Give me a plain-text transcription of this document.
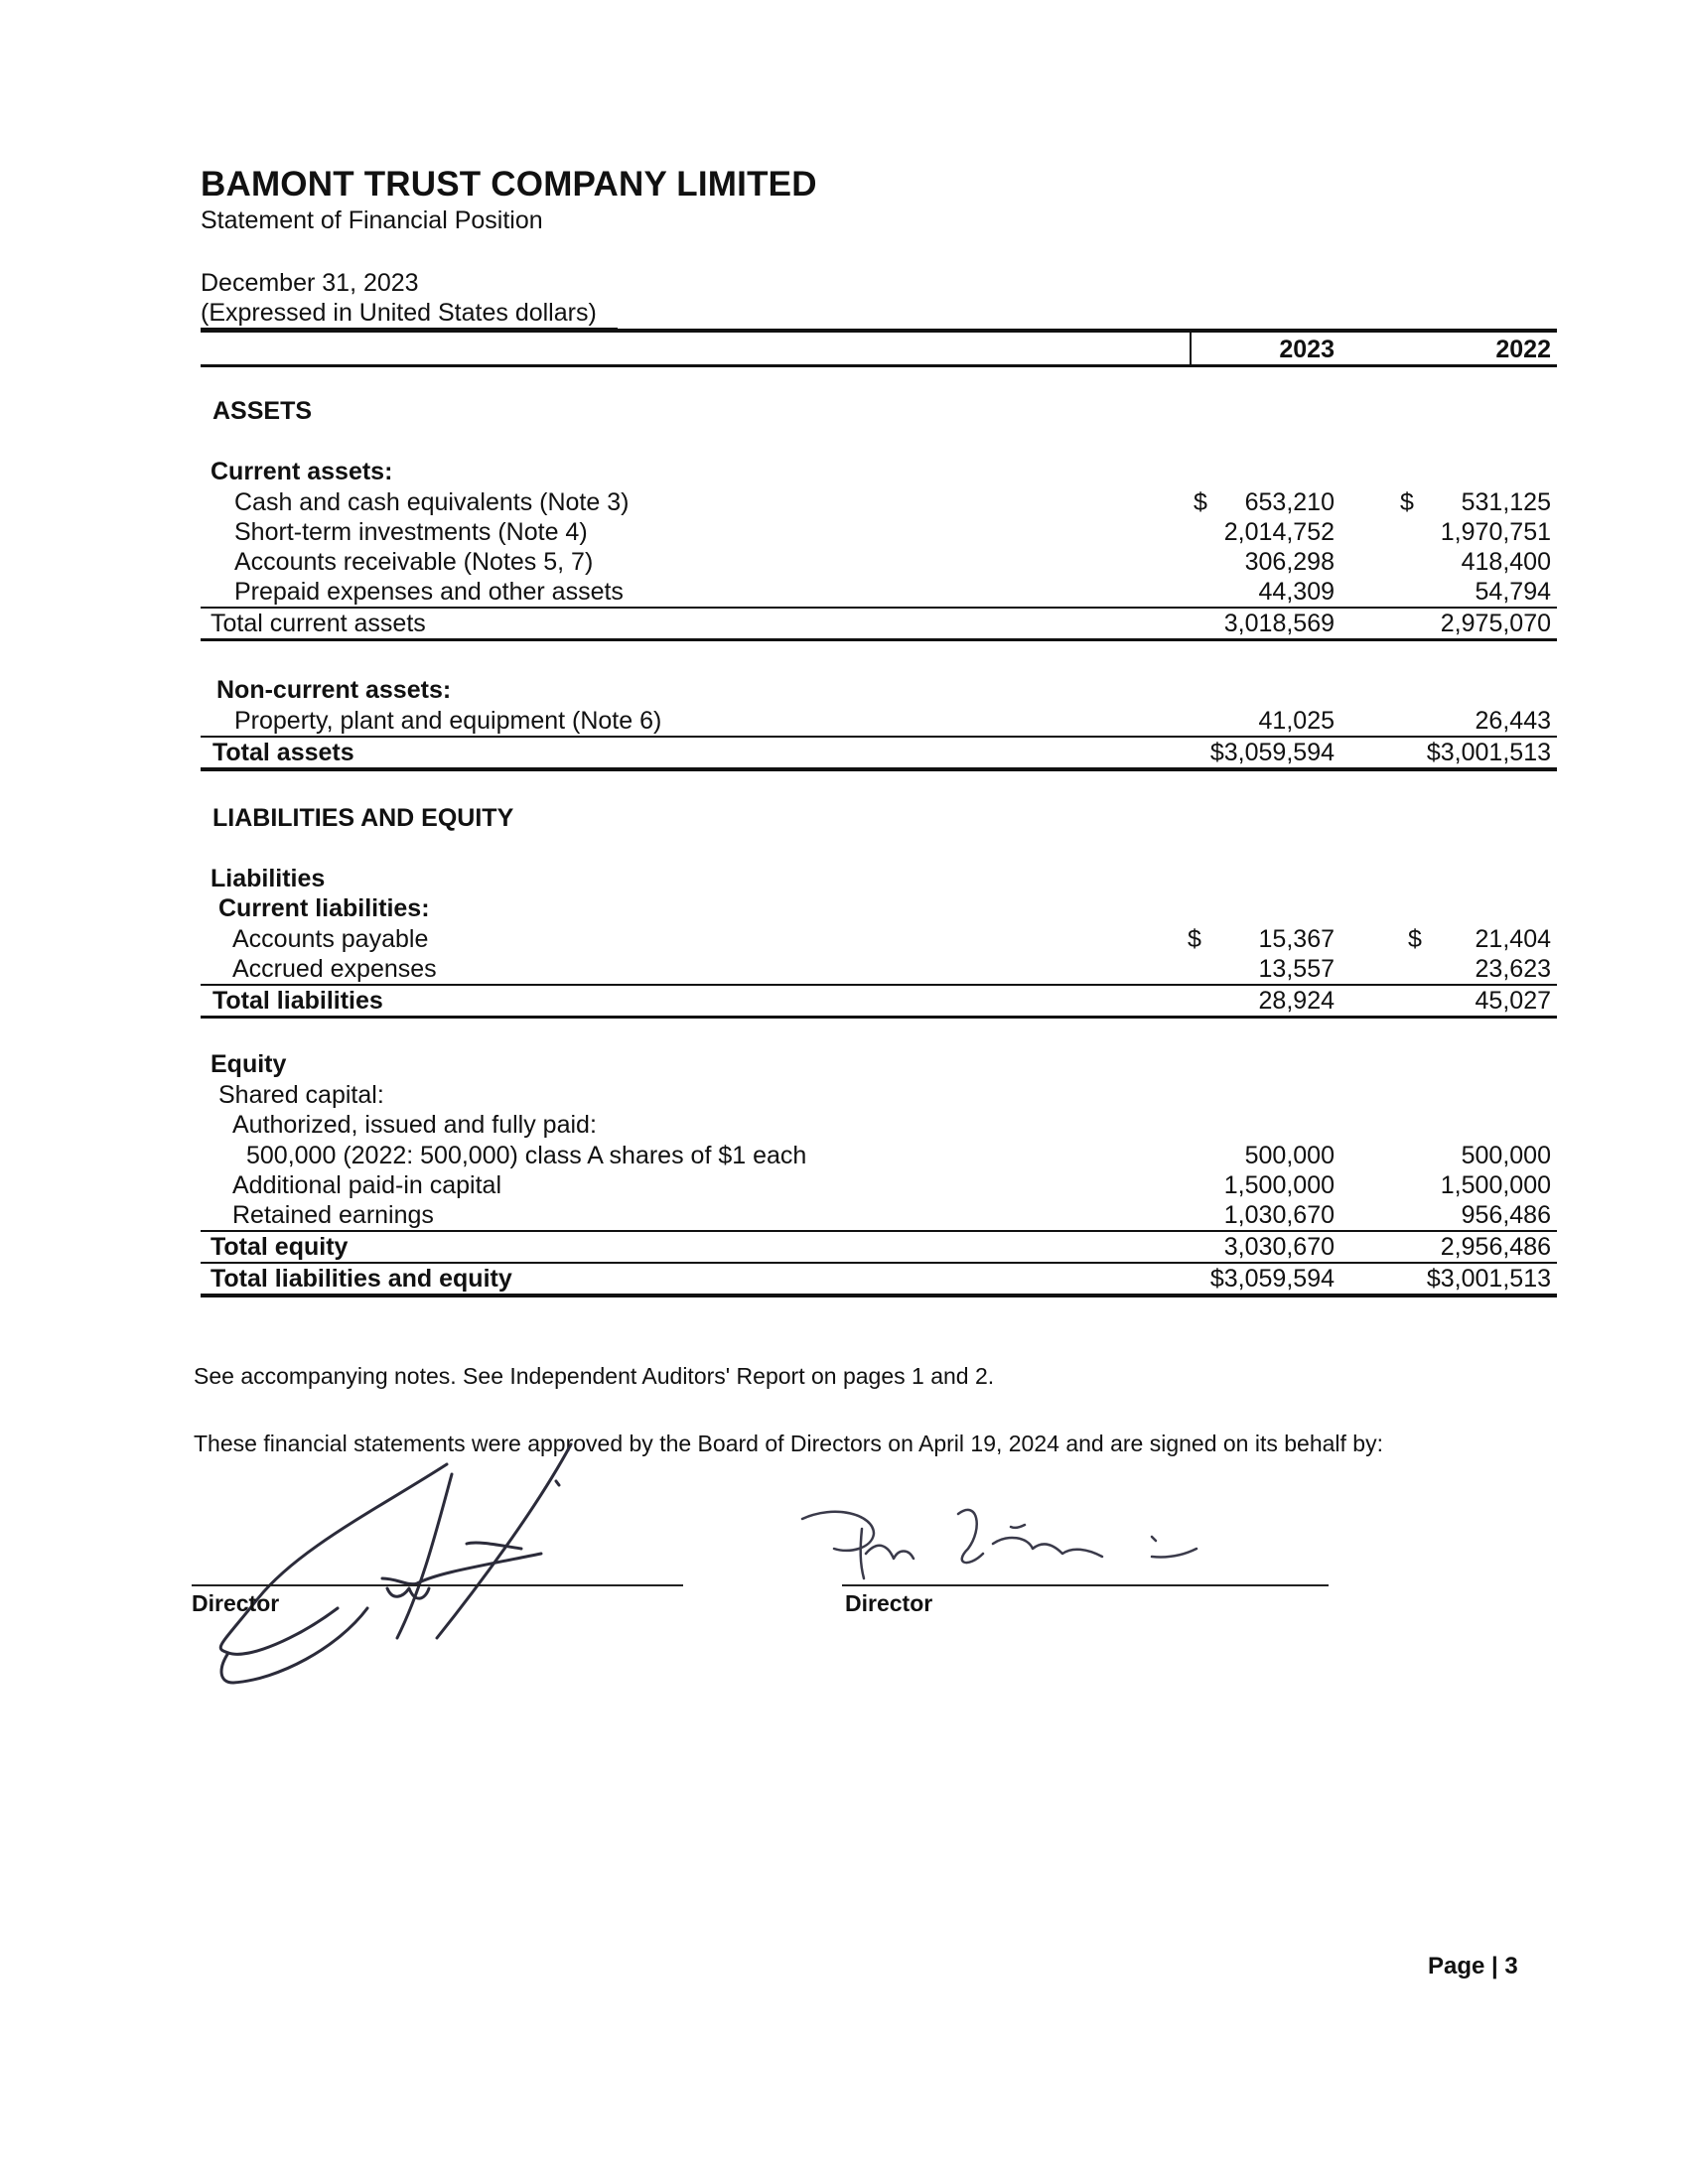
BAMONT TRUST COMPANY LIMITED
Statement of Financial Position
December 31, 2023
(Expressed in United States dollars)
2023	2022
ASSETS
Current assets:
Cash and cash equivalents (Note 3)	$	653,210	$	531,125
Short-term investments (Note 4)	2,014,752	1,970,751
Accounts receivable (Notes 5, 7)	306,298	418,400
Prepaid expenses and other assets	44,309	54,794
Total current assets	3,018,569	2,975,070
Non-current assets:
Property, plant and equipment (Note 6)	41,025	26,443
Total assets	$3,059,594	$3,001,513
LIABILITIES AND EQUITY
Liabilities
Current liabilities:
Accounts payable	$	15,367	$	21,404
Accrued expenses	13,557	23,623
Total liabilities	28,924	45,027
Equity
Shared capital:
Authorized, issued and fully paid:
500,000 (2022: 500,000) class A shares of $1 each	500,000	500,000
Additional paid-in capital	1,500,000	1,500,000
Retained earnings	1,030,670	956,486
Total equity	3,030,670	2,956,486
Total liabilities and equity	$3,059,594	$3,001,513
See accompanying notes. See Independent Auditors' Report on pages 1 and 2.
These financial statements were approved by the Board of Directors on April 19, 2024 and are signed on its behalf by:
Director	Director
Page | 3
